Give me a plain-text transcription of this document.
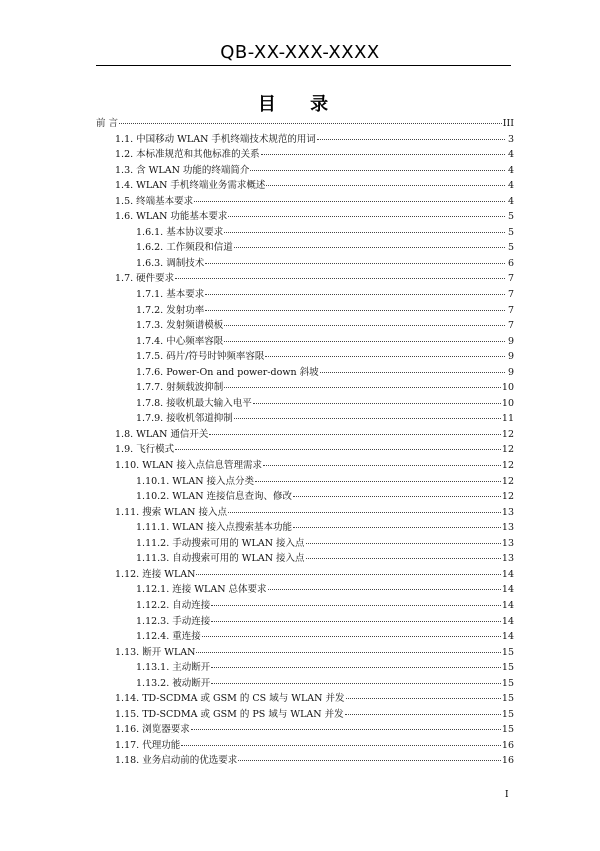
QB-XX-XXX-XXXX
目 录
前 言	III
1.1. 中国移动 WLAN 手机终端技术规范的用词	3
1.2. 本标准规范和其他标准的关系	4
1.3. 含 WLAN 功能的终端简介	4
1.4. WLAN 手机终端业务需求概述	4
1.5. 终端基本要求	4
1.6. WLAN 功能基本要求	5
1.6.1. 基本协议要求	5
1.6.2. 工作频段和信道	5
1.6.3. 调制技术	6
1.7. 硬件要求	7
1.7.1. 基本要求	7
1.7.2. 发射功率	7
1.7.3. 发射频谱模板	7
1.7.4. 中心频率容限	9
1.7.5. 码片/符号时钟频率容限	9
1.7.6. Power-On and power-down 斜坡	9
1.7.7. 射频载波抑制	10
1.7.8. 接收机最大输入电平	10
1.7.9. 接收机邻道抑制	11
1.8. WLAN 通信开关	12
1.9. 飞行模式	12
1.10. WLAN 接入点信息管理需求	12
1.10.1. WLAN 接入点分类	12
1.10.2. WLAN 连接信息查询、修改	12
1.11. 搜索 WLAN 接入点	13
1.11.1. WLAN 接入点搜索基本功能	13
1.11.2. 手动搜索可用的 WLAN 接入点	13
1.11.3. 自动搜索可用的 WLAN 接入点	13
1.12. 连接 WLAN	14
1.12.1. 连接 WLAN 总体要求	14
1.12.2. 自动连接	14
1.12.3. 手动连接	14
1.12.4. 重连接	14
1.13. 断开 WLAN	15
1.13.1. 主动断开	15
1.13.2. 被动断开	15
1.14. TD-SCDMA 或 GSM 的 CS 域与 WLAN 并发	15
1.15. TD-SCDMA 或 GSM 的 PS 域与 WLAN 并发	15
1.16. 浏览器要求	15
1.17. 代理功能	16
1.18. 业务启动前的优选要求	16
I
